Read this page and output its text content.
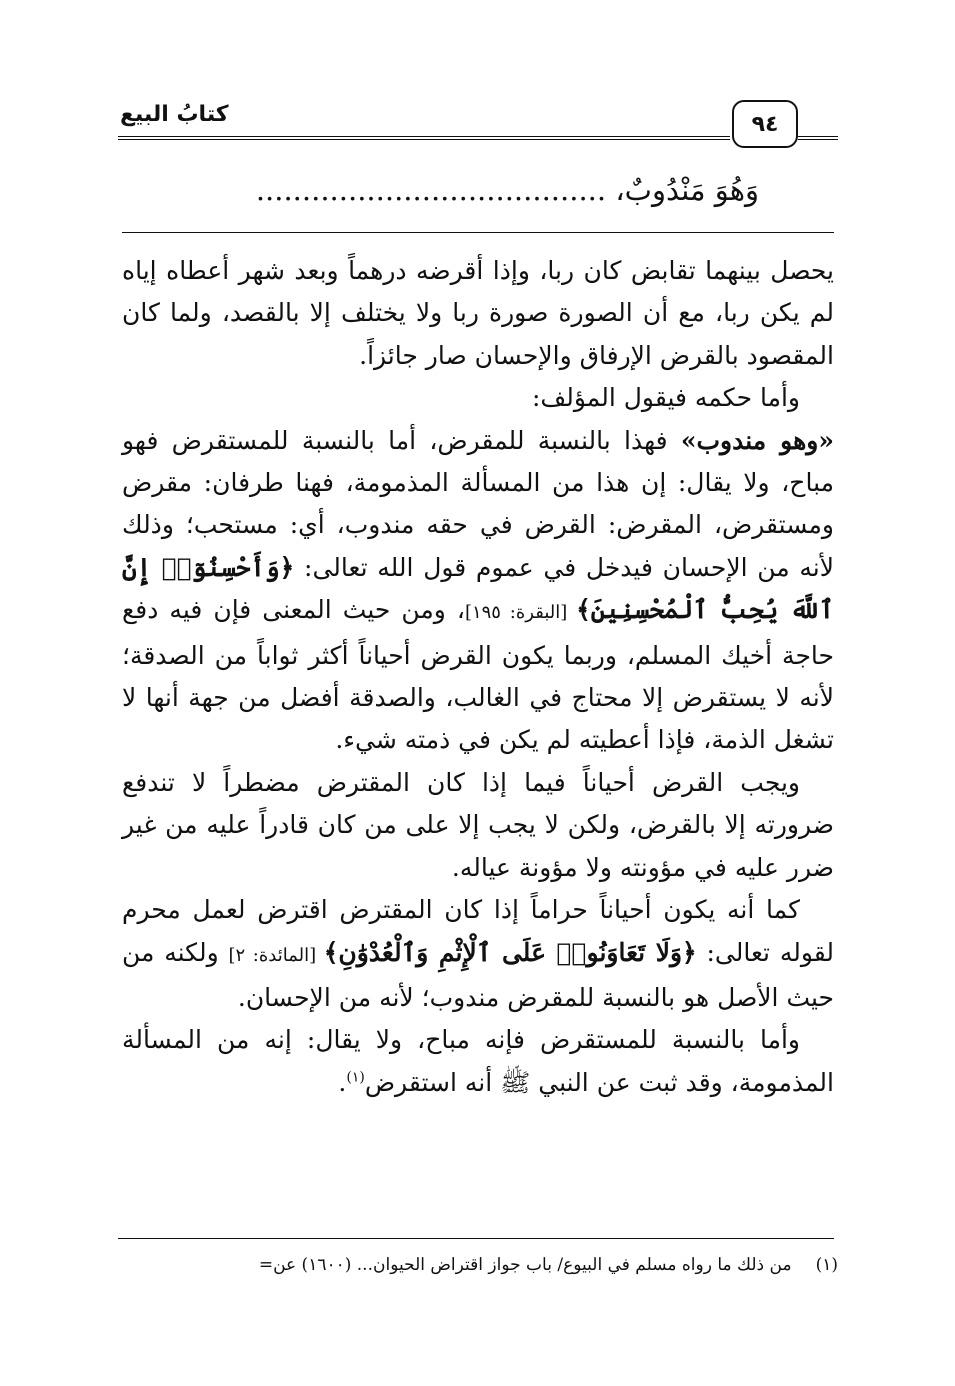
كتابُ البيع	٩٤
وَهُوَ مَنْدُوبٌ، ......................................

يحصل بينهما تقابض كان ربا، وإذا أقرضه درهماً وبعد شهر أعطاه إياه لم يكن ربا، مع أن الصورة صورة ربا ولا يختلف إلا بالقصد، ولما كان المقصود بالقرض الإرفاق والإحسان صار جائزاً.

وأما حكمه فيقول المؤلف:

«وهو مندوب» فهذا بالنسبة للمقرض، أما بالنسبة للمستقرض فهو مباح، ولا يقال: إن هذا من المسألة المذمومة، فهنا طرفان: مقرض ومستقرض، المقرض: القرض في حقه مندوب، أي: مستحب؛ وذلك لأنه من الإحسان فيدخل في عموم قول الله تعالى: ﴿وَأَحْسِنُوٓا۟ إِنَّ ٱللَّهَ يُحِبُّ ٱلْمُحْسِنِينَ﴾ [البقرة: ١٩٥]، ومن حيث المعنى فإن فيه دفع حاجة أخيك المسلم، وربما يكون القرض أحياناً أكثر ثواباً من الصدقة؛ لأنه لا يستقرض إلا محتاج في الغالب، والصدقة أفضل من جهة أنها لا تشغل الذمة، فإذا أعطيته لم يكن في ذمته شيء.

ويجب القرض أحياناً فيما إذا كان المقترض مضطراً لا تندفع ضرورته إلا بالقرض، ولكن لا يجب إلا على من كان قادراً عليه من غير ضرر عليه في مؤونته ولا مؤونة عياله.

كما أنه يكون أحياناً حراماً إذا كان المقترض اقترض لعمل محرم لقوله تعالى: ﴿وَلَا تَعَاوَنُوا۟ عَلَى ٱلْإِثْمِ وَٱلْعُدْوَٰنِ﴾ [المائدة: ٢] ولكنه من حيث الأصل هو بالنسبة للمقرض مندوب؛ لأنه من الإحسان.

وأما بالنسبة للمستقرض فإنه مباح، ولا يقال: إنه من المسألة المذمومة، وقد ثبت عن النبي ﷺ أنه استقرض$^{(١)}$.

(١)من ذلك ما رواه مسلم في البيوع/ باب جواز اقتراض الحيوان... (١٦٠٠) عن=
